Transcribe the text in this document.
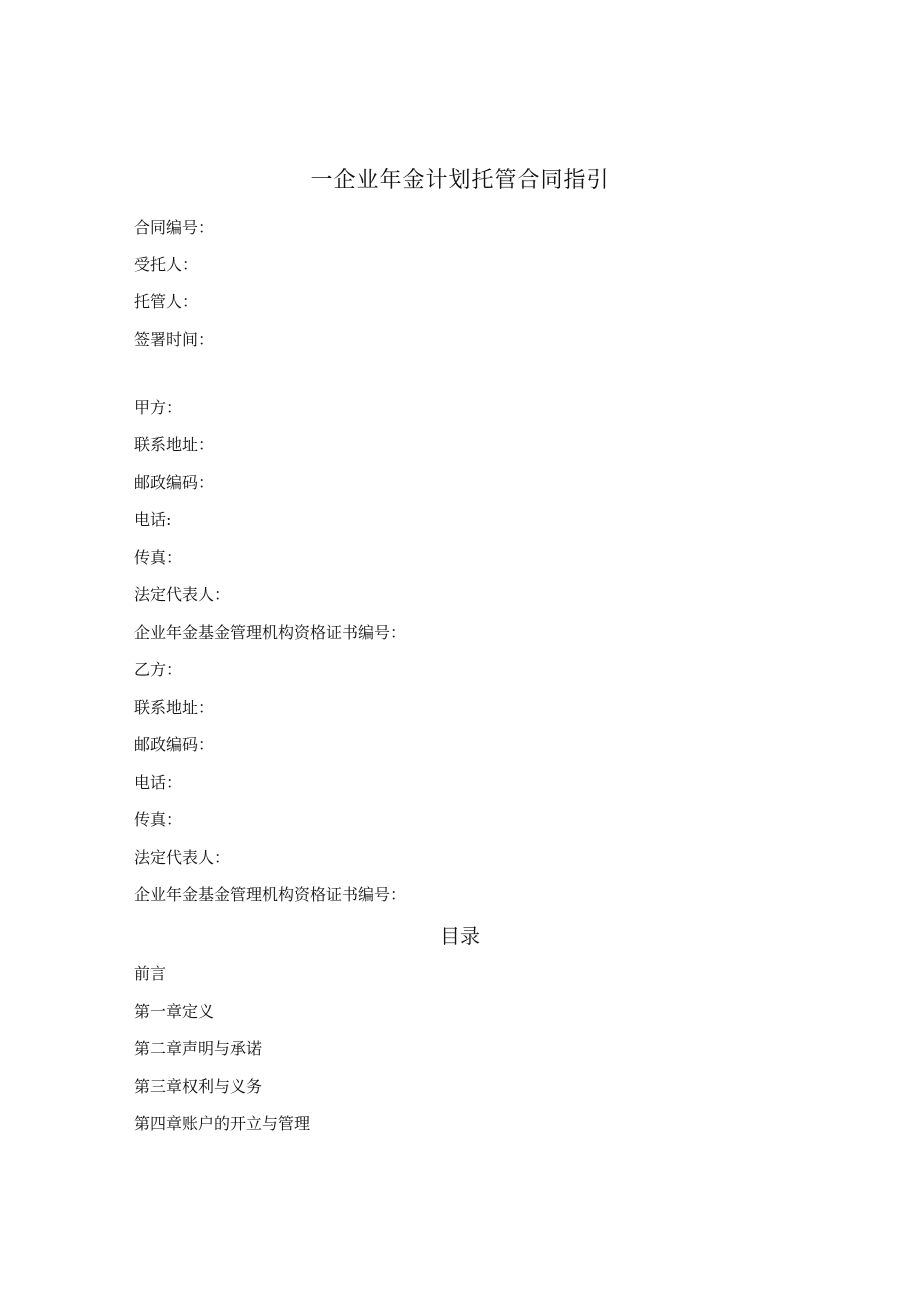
一企业年金计划托管合同指引
合同编号：
受托人：
托管人：
签署时间：
甲方：
联系地址：
邮政编码：
电话:
传真：
法定代表人：
企业年金基金管理机构资格证书编号：
乙方：
联系地址：
邮政编码：
电话：
传真：
法定代表人：
企业年金基金管理机构资格证书编号：
目录
前言
第一章定义
第二章声明与承诺
第三章权利与义务
第四章账户的开立与管理
